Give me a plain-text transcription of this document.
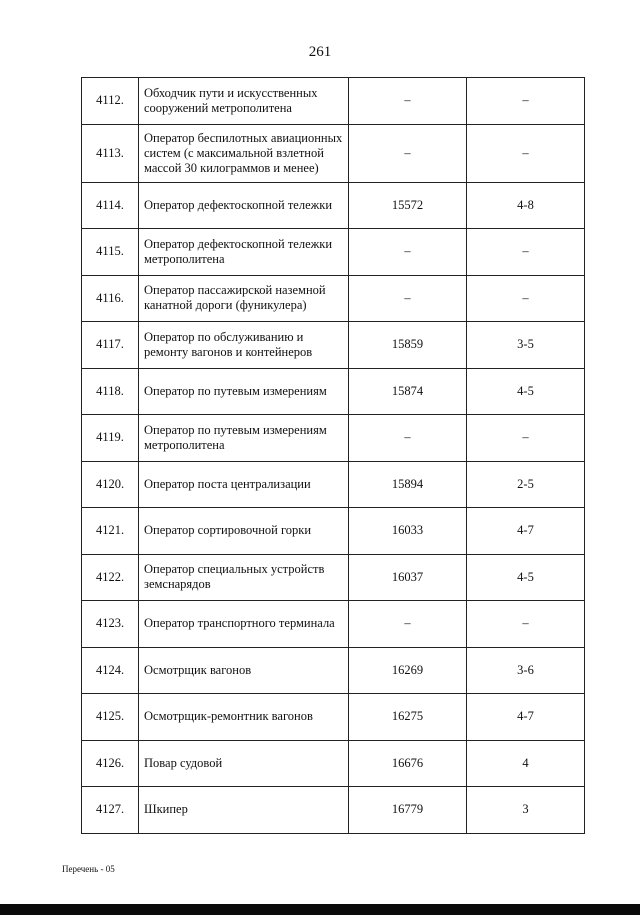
261
4112.	Обходчик пути и искусственных сооружений метрополитена	–	–
4113.	Оператор беспилотных авиационных систем (с максимальной взлетной массой 30 килограммов и менее)	–	–
4114.	Оператор дефектоскопной тележки	15572	4-8
4115.	Оператор дефектоскопной тележки метрополитена	–	–
4116.	Оператор пассажирской наземной канатной дороги (фуникулера)	–	–
4117.	Оператор по обслуживанию и ремонту вагонов и контейнеров	15859	3-5
4118.	Оператор по путевым измерениям	15874	4-5
4119.	Оператор по путевым измерениям метрополитена	–	–
4120.	Оператор поста централизации	15894	2-5
4121.	Оператор сортировочной горки	16033	4-7
4122.	Оператор специальных устройств земснарядов	16037	4-5
4123.	Оператор транспортного терминала	–	–
4124.	Осмотрщик вагонов	16269	3-6
4125.	Осмотрщик-ремонтник вагонов	16275	4-7
4126.	Повар судовой	16676	4
4127.	Шкипер	16779	3
Перечень - 05
